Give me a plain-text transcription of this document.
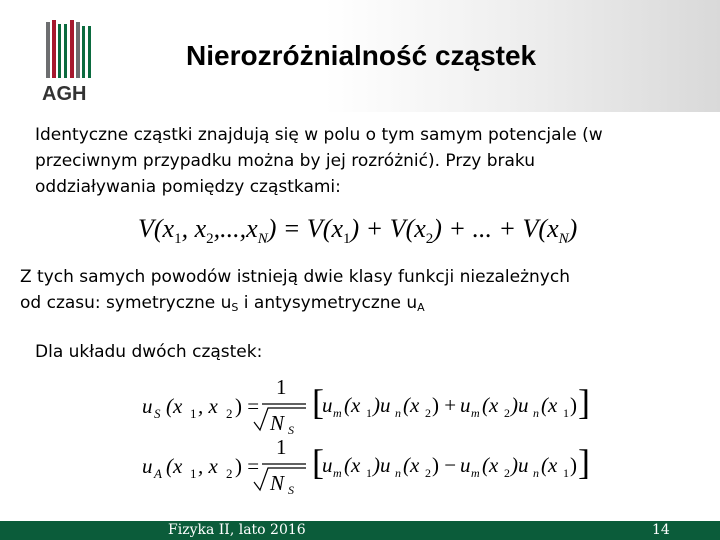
AGH
Nierozróżnialność cząstek
Identyczne cząstki znajdują się w polu o tym samym potencjale (w
przeciwnym przypadku można by jej rozróżnić). Przy braku
oddziaływania pomiędzy cząstkami:
$V(x_1$, $x_2,...,x_N) = V(x_1) + V(x_2)$ + ... + $V(x_N)$
Z tych samych powodów istnieją dwie klasy funkcji niezależnych
od czasu: symetryczne $u_S$ i antysymetryczne $u_A$
Dla układu dwóch cząstek:
u S (x 1 , x 2 ) =
1
N S
[
u m (x 1 )u n (x 2 ) + u m (x 2 )u n (x 1 ) ]
u A (x 1 , x 2 ) =
1
N S
[
u m (x 1 )u n (x 2 ) − u m (x 2 )u n (x 1 ) ]
Fizyka II, lato 2016	14
